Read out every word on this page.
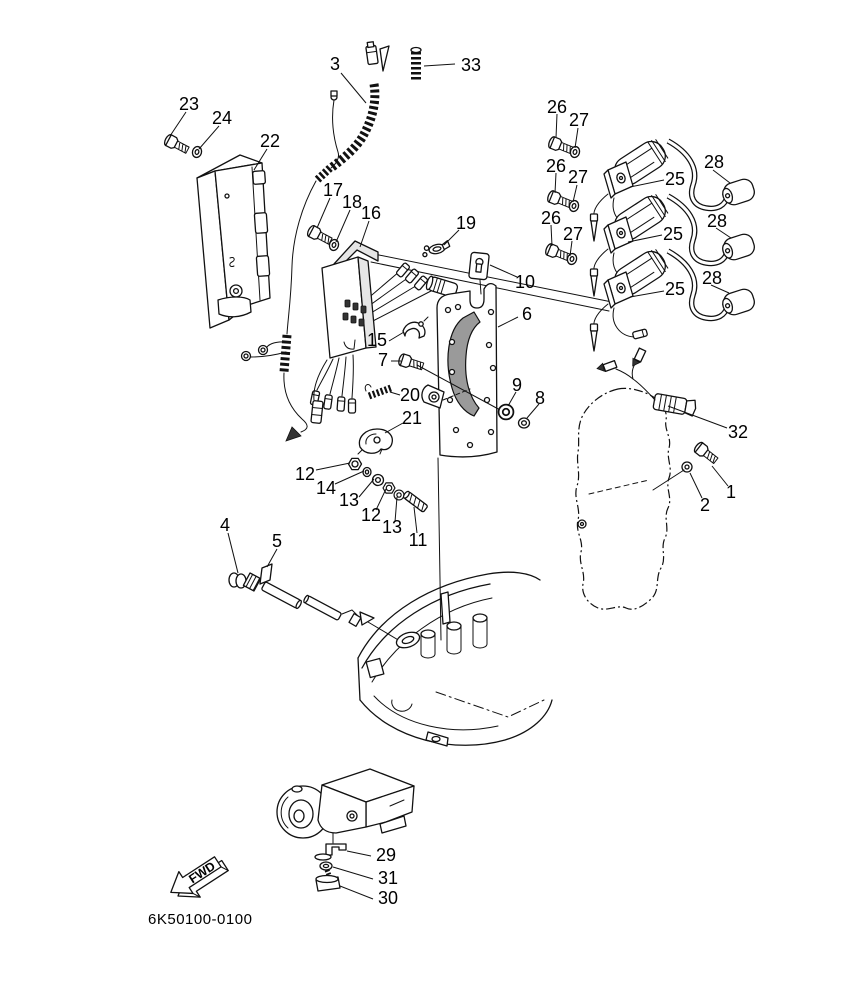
FWD
23
24
22
3	33
26
27
26
27
26
27
25
28
25
28
25
28
17
18
16	19
10
6
15
7
20
21
12
14
13
12
13
11
9
8
32
1
2
4
5
29
31
30
6K50100-0100
